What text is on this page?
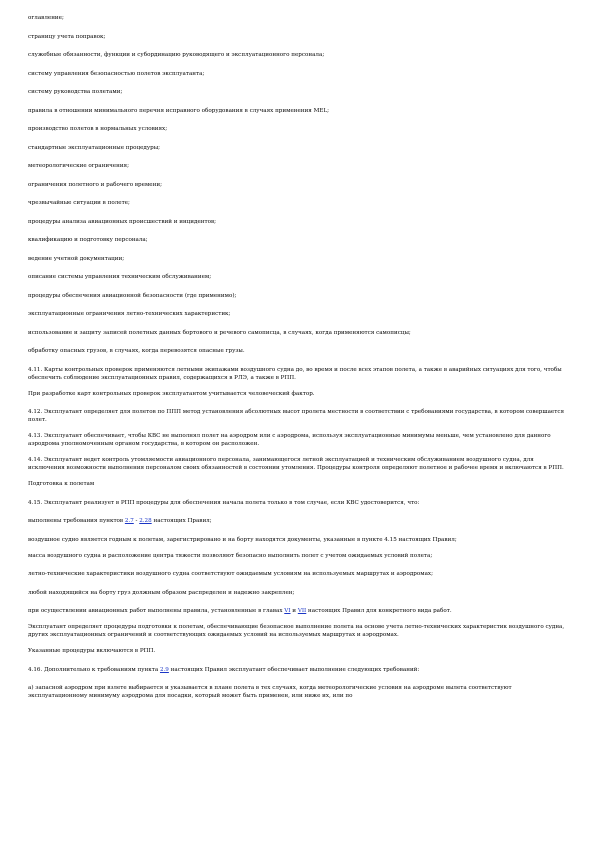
оглавление;

страницу учета поправок;

служебные обязанности, функции и субординацию руководящего и эксплуатационного персонала;

систему управления безопасностью полетов эксплуатанта;

систему руководства полетами;

правила в отношении минимального перечня исправного оборудования в случаях применения MEL;

производство полетов в нормальных условиях;

стандартные эксплуатационные процедуры;

метеорологические ограничения;

ограничения полетного и рабочего времени;

чрезвычайные ситуации в полете;

процедуры анализа авиационных происшествий и инцидентов;

квалификацию и подготовку персонала;

ведение учетной документации;

описание системы управления техническим обслуживанием;

процедуры обеспечения авиационной безопасности (где применимо);

эксплуатационные ограничения летно-технических характеристик;

использование и защиту записей полетных данных бортового и речевого самописца, в случаях, когда применяются самописцы;

обработку опасных грузов, в случаях, когда перевозятся опасные грузы.

4.11. Карты контрольных проверок применяются летными экипажами воздушного судна до, во время и после всех этапов полета, а также в аварийных ситуациях для того, чтобы обеспечить соблюдение эксплуатационных правил, содержащихся в РЛЭ, а также в РПП.

При разработке карт контрольных проверок эксплуатантом учитывается человеческий фактор.

4.12. Эксплуатант определяет для полетов по ППП метод установления абсолютных высот пролета местности в соответствии с требованиями государства, в котором совершается полет.

4.13. Эксплуатант обеспечивает, чтобы КВС не выполнял полет на аэродром или с аэродрома, используя эксплуатационные минимумы меньше, чем установлено для данного аэродрома уполномоченным органом государства, в котором он расположен.

4.14. Эксплуатант ведет контроль утомляемости авиационного персонала, занимающегося летной эксплуатацией и техническим обслуживанием воздушного судна, для исключения возможности выполнения персоналом своих обязанностей в состоянии утомления. Процедуры контроля определяют полетное и рабочее время и включаются в РПП.

Подготовка к полетам

4.15. Эксплуатант реализует в РПП процедуры для обеспечения начала полета только в том случае, если КВС удостоверится, что:

выполнены требования пунктов 2.7 - 2.28 настоящих Правил;

воздушное судно является годным к полетам, зарегистрировано и на борту находятся документы, указанные в пункте 4.15 настоящих Правил;

масса воздушного судна и расположение центра тяжести позволяют безопасно выполнить полет с учетом ожидаемых условий полета;

летно-технические характеристики воздушного судна соответствуют ожидаемым условиям на используемых маршрутах и аэродромах;

любой находящийся на борту груз должным образом распределен и надежно закреплен;

при осуществлении авиационных работ выполнены правила, установленные в главах VI и VII настоящих Правил для конкретного вида работ.

Эксплуатант определяет процедуры подготовки к полетам, обеспечивающие безопасное выполнение полета на основе учета летно-технических характеристик воздушного судна, других эксплуатационных ограничений и соответствующих ожидаемых условий на используемых маршрутах и аэродромах.

Указанные процедуры включаются в РПП.

4.16. Дополнительно к требованиям пункта 2.9 настоящих Правил эксплуатант обеспечивает выполнение следующих требований:

а) запасной аэродром при взлете выбирается и указывается в плане полета в тех случаях, когда метеорологические условия на аэродроме вылета соответствуют эксплуатационному минимуму аэродрома для посадки, который может быть применен, или ниже их, или по
